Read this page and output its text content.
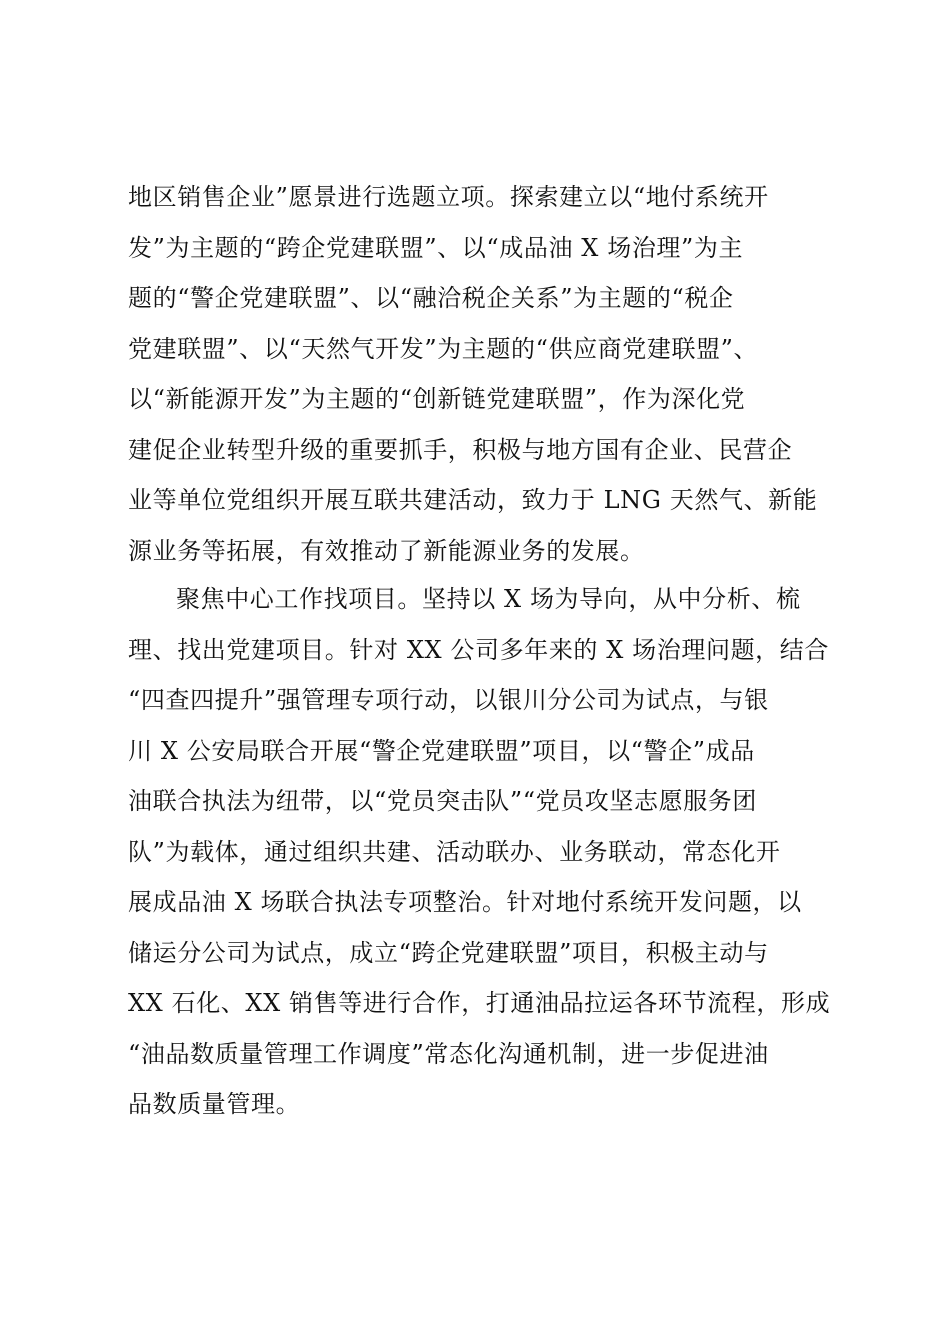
地区销售企业”愿景进行选题立项。探索建立以“地付系统开
发”为主题的“跨企党建联盟”、以“成品油 X 场治理”为主
题的“警企党建联盟”、以“融洽税企关系”为主题的“税企
党建联盟”、以“天然气开发”为主题的“供应商党建联盟”、
以“新能源开发”为主题的“创新链党建联盟”，作为深化党
建促企业转型升级的重要抓手，积极与地方国有企业、民营企
业等单位党组织开展互联共建活动，致力于 LNG 天然气、新能
源业务等拓展，有效推动了新能源业务的发展。
聚焦中心工作找项目。坚持以 X 场为导向，从中分析、梳
理、找出党建项目。针对 XX 公司多年来的 X 场治理问题，结合
“四查四提升”强管理专项行动，以银川分公司为试点，与银
川 X 公安局联合开展“警企党建联盟”项目，以“警企”成品
油联合执法为纽带，以“党员突击队”“党员攻坚志愿服务团
队”为载体，通过组织共建、活动联办、业务联动，常态化开
展成品油 X 场联合执法专项整治。针对地付系统开发问题，以
储运分公司为试点，成立“跨企党建联盟”项目，积极主动与
XX 石化、XX 销售等进行合作，打通油品拉运各环节流程，形成
“油品数质量管理工作调度”常态化沟通机制，进一步促进油
品数质量管理。
